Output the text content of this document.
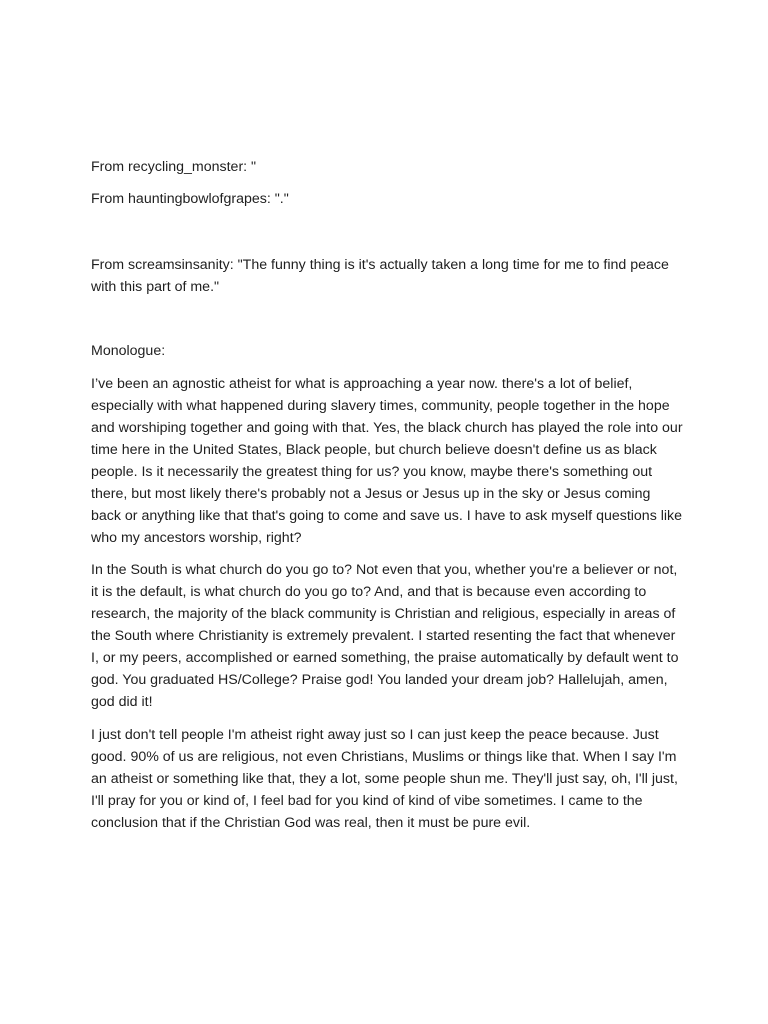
From recycling_monster: "

From hauntingbowlofgrapes: "."

From screamsinsanity: "The funny thing is it's actually taken a long time for me to find peace with this part of me."

Monologue:

I’ve been an agnostic atheist for what is approaching a year now. there's a lot of belief, especially with what happened during slavery times, community, people together in the hope and worshiping together and going with that. Yes, the black church has played the role into our time here in the United States, Black people, but church believe doesn't define us as black people. Is it necessarily the greatest thing for us? you know, maybe there's something out there, but most likely there's probably not a Jesus or Jesus up in the sky or Jesus coming back or anything like that that's going to come and save us. I have to ask myself questions like who my ancestors worship, right?

In the South is what church do you go to? Not even that you, whether you're a believer or not, it is the default, is what church do you go to? And, and that is because even according to research, the majority of the black community is Christian and religious, especially in areas of the South where Christianity is extremely prevalent. I started resenting the fact that whenever I, or my peers, accomplished or earned something, the praise automatically by default went to god. You graduated HS/College? Praise god! You landed your dream job? Hallelujah, amen, god did it!

I just don't tell people I'm atheist right away just so I can just keep the peace because. Just good. 90% of us are religious, not even Christians, Muslims or things like that. When I say I'm an atheist or something like that, they a lot, some people shun me. They'll just say, oh, I'll just, I'll pray for you or kind of, I feel bad for you kind of kind of vibe sometimes. I came to the conclusion that if the Christian God was real, then it must be pure evil.
